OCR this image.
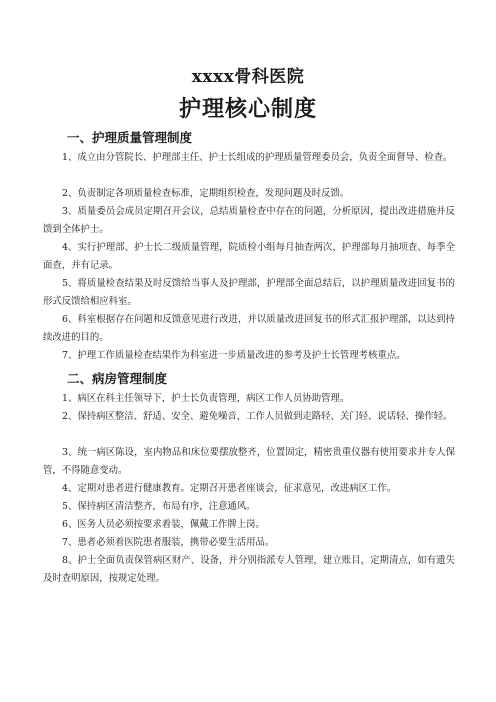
xxxx骨科医院
护理核心制度
一、护理质量管理制度
1、成立由分管院长、护理部主任、护士长组成的护理质量管理委员会，负责全面督导、检查。
2、负责制定各项质量检查标准，定期组织检查，发现问题及时反馈。
3、质量委员会成员定期召开会议，总结质量检查中存在的问题，分析原因，提出改进措施并反馈到全体护士。
4、实行护理部、护士长二级质量管理，院质检小组每月抽查两次，护理部每月抽项查、每季全面查，并有记录。
5、将质量检查结果及时反馈给当事人及护理部，护理部全面总结后，以护理质量改进回复书的形式反馈给相应科室。
6、科室根据存在问题和反馈意见进行改进，并以质量改进回复书的形式汇报护理部，以达到持续改进的目的。
7、护理工作质量检查结果作为科室进一步质量改进的参考及护士长管理考核重点。
二、病房管理制度
1、病区在科主任领导下，护士长负责管理，病区工作人员协助管理。
2、保持病区整洁、舒适、安全、避免噪音，工作人员做到走路轻、关门轻、说话轻、操作轻。
3、统一病区陈设，室内物品和床位要摆放整齐，位置固定，精密贵重仪器有使用要求并专人保管，不得随意变动。
4、定期对患者进行健康教育。定期召开患者座谈会，征求意见，改进病区工作。
5、保持病区清洁整齐，布局有序，注意通风。
6、医务人员必须按要求着装，佩戴工作牌上岗。
7、患者必须着医院患者服装，携带必要生活用品。
8、护士全面负责保管病区财产、设备，并分别指派专人管理，建立账目，定期清点，如有遗失及时查明原因，按规定处理。
